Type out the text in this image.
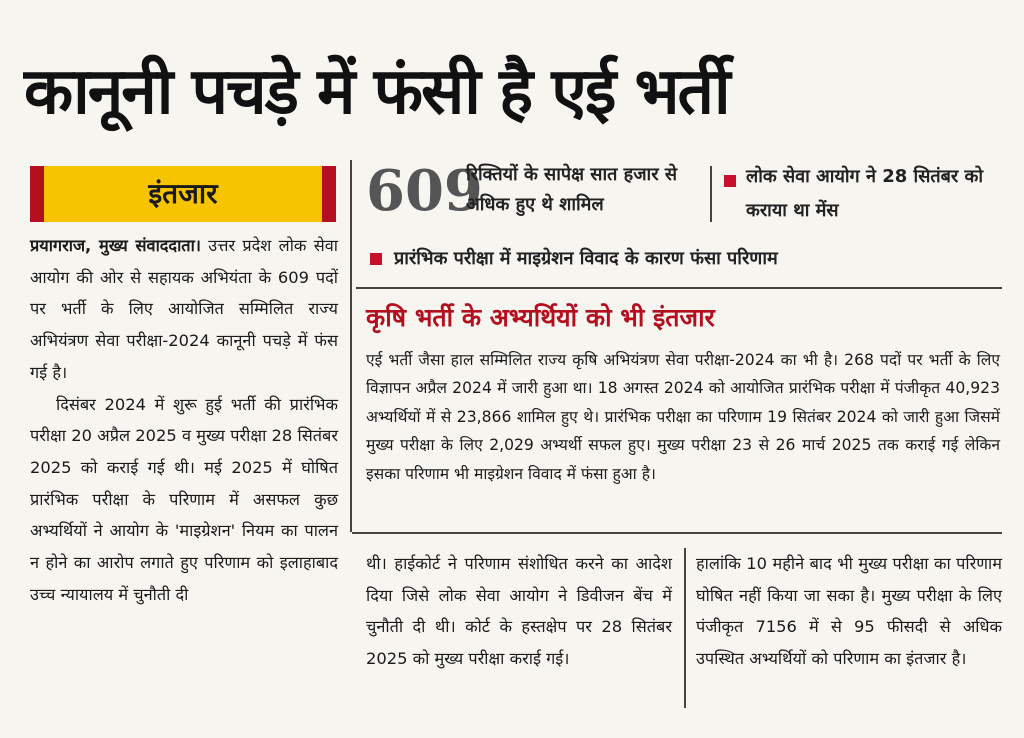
कानूनी पचड़े में फंसी है एई भर्ती
इंतजार

प्रयागराज, मुख्य संवाददाता। उत्तर प्रदेश लोक सेवा आयोग की ओर से सहायक अभियंता के 609 पदों पर भर्ती के लिए आयोजित सम्मिलित राज्य अभियंत्रण सेवा परीक्षा-2024 कानूनी पचड़े में फंस गई है।

दिसंबर 2024 में शुरू हुई भर्ती की प्रारंभिक परीक्षा 20 अप्रैल 2025 व मुख्य परीक्षा 28 सितंबर 2025 को कराई गई थी। मई 2025 में घोषित प्रारंभिक परीक्षा के परिणाम में असफल कुछ अभ्यर्थियों ने आयोग के 'माइग्रेशन' नियम का पालन न होने का आरोप लगाते हुए परिणाम को इलाहाबाद उच्च न्यायालय में चुनौती दी

609
रिक्तियों के सापेक्ष सात हजार से अधिक हुए थे शामिल
लोक सेवा आयोग ने 28 सितंबर को कराया था मेंस
प्रारंभिक परीक्षा में माइग्रेशन विवाद के कारण फंसा परिणाम
कृषि भर्ती के अभ्यर्थियों को भी इंतजार

एई भर्ती जैसा हाल सम्मिलित राज्य कृषि अभियंत्रण सेवा परीक्षा-2024 का भी है। 268 पदों पर भर्ती के लिए विज्ञापन अप्रैल 2024 में जारी हुआ था। 18 अगस्त 2024 को आयोजित प्रारंभिक परीक्षा में पंजीकृत 40,923 अभ्यर्थियों में से 23,866 शामिल हुए थे। प्रारंभिक परीक्षा का परिणाम 19 सितंबर 2024 को जारी हुआ जिसमें मुख्य परीक्षा के लिए 2,029 अभ्यर्थी सफल हुए। मुख्य परीक्षा 23 से 26 मार्च 2025 तक कराई गई लेकिन इसका परिणाम भी माइग्रेशन विवाद में फंसा हुआ है।

थी। हाईकोर्ट ने परिणाम संशोधित करने का आदेश दिया जिसे लोक सेवा आयोग ने डिवीजन बेंच में चुनौती दी थी। कोर्ट के हस्तक्षेप पर 28 सितंबर 2025 को मुख्य परीक्षा कराई गई।

हालांकि 10 महीने बाद भी मुख्य परीक्षा का परिणाम घोषित नहीं किया जा सका है। मुख्य परीक्षा के लिए पंजीकृत 7156 में से 95 फीसदी से अधिक उपस्थित अभ्यर्थियों को परिणाम का इंतजार है।
